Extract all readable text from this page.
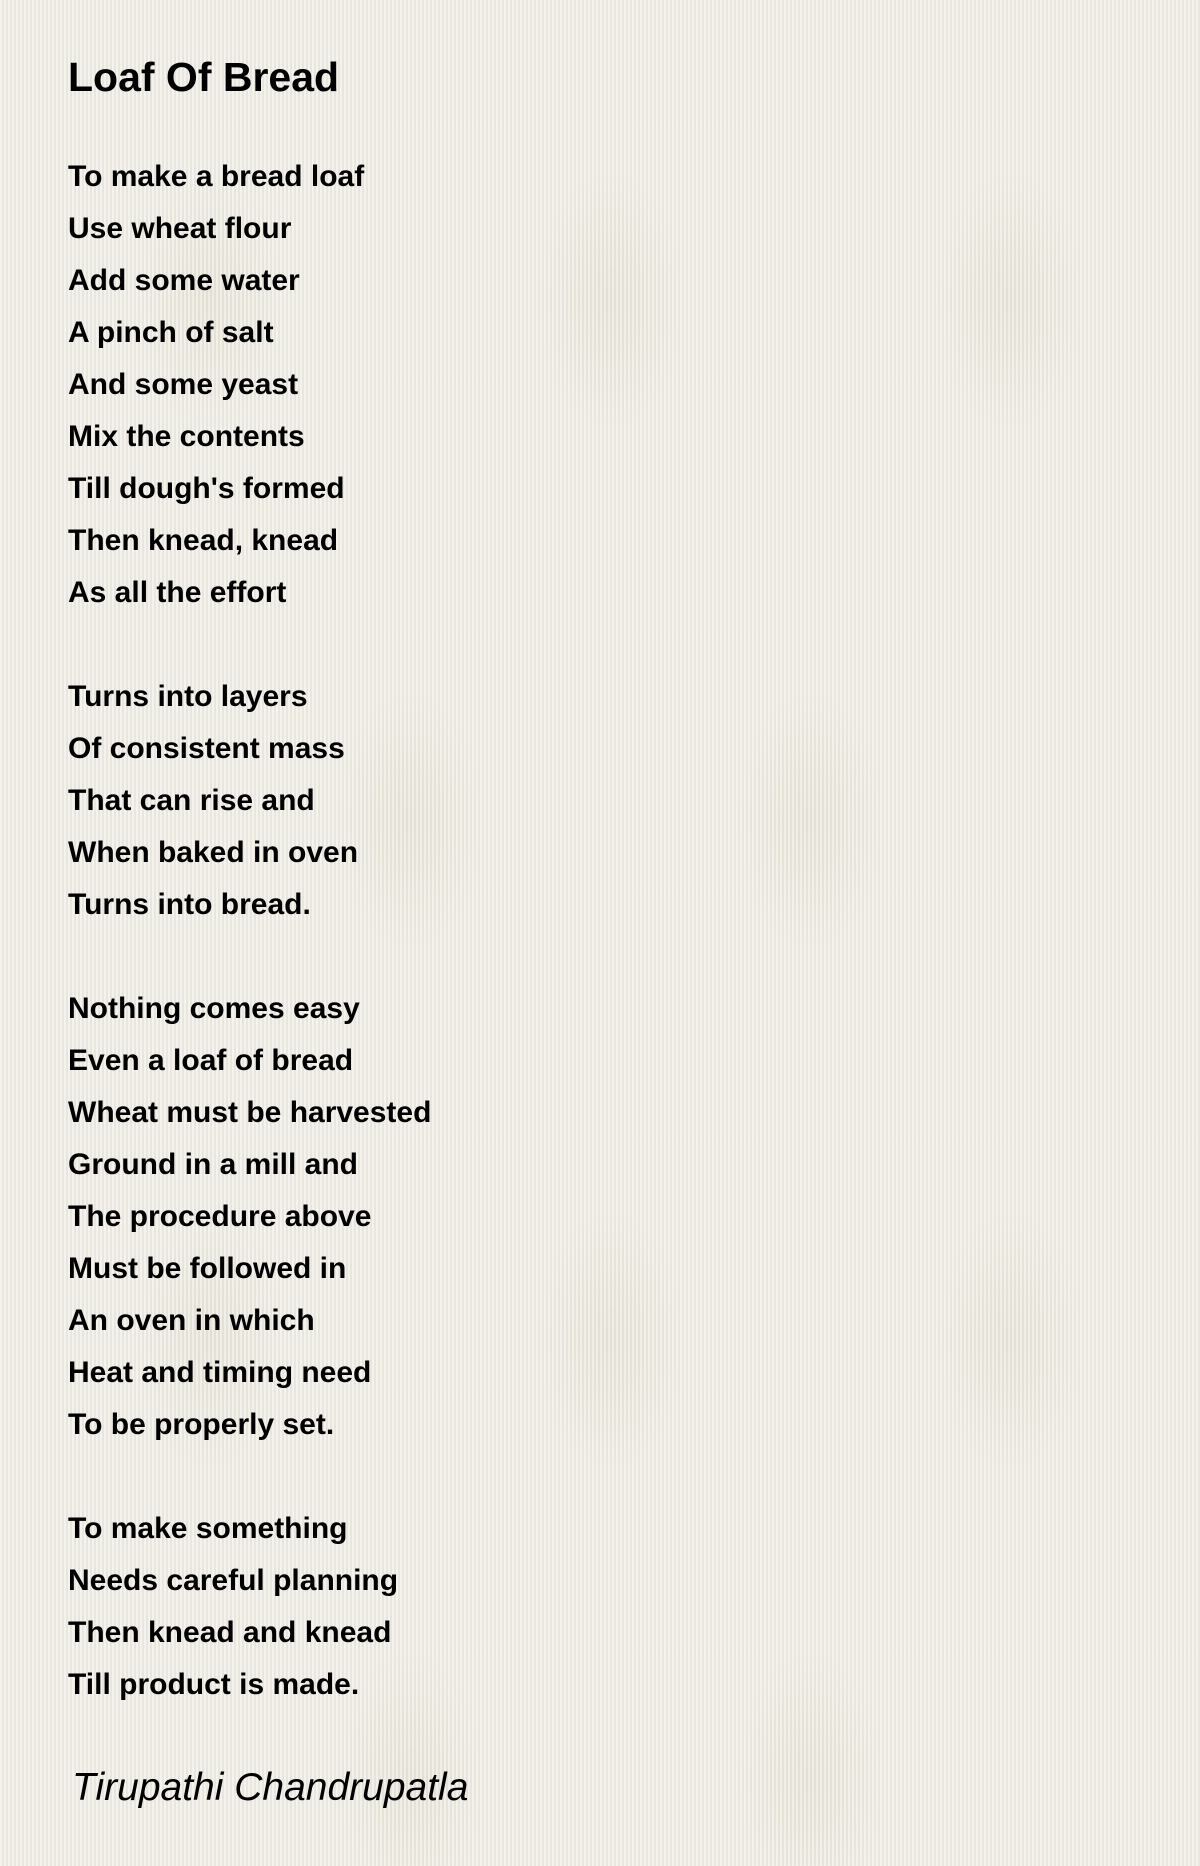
Loaf Of Bread
To make a bread loaf
Use wheat flour
Add some water
A pinch of salt
And some yeast
Mix the contents
Till dough's formed
Then knead, knead
As all the effort
Turns into layers
Of consistent mass
That can rise and
When baked in oven
Turns into bread.
Nothing comes easy
Even a loaf of bread
Wheat must be harvested
Ground in a mill and
The procedure above
Must be followed in
An oven in which
Heat and timing need
To be properly set.
To make something
Needs careful planning
Then knead and knead
Till product is made.
Tirupathi Chandrupatla
